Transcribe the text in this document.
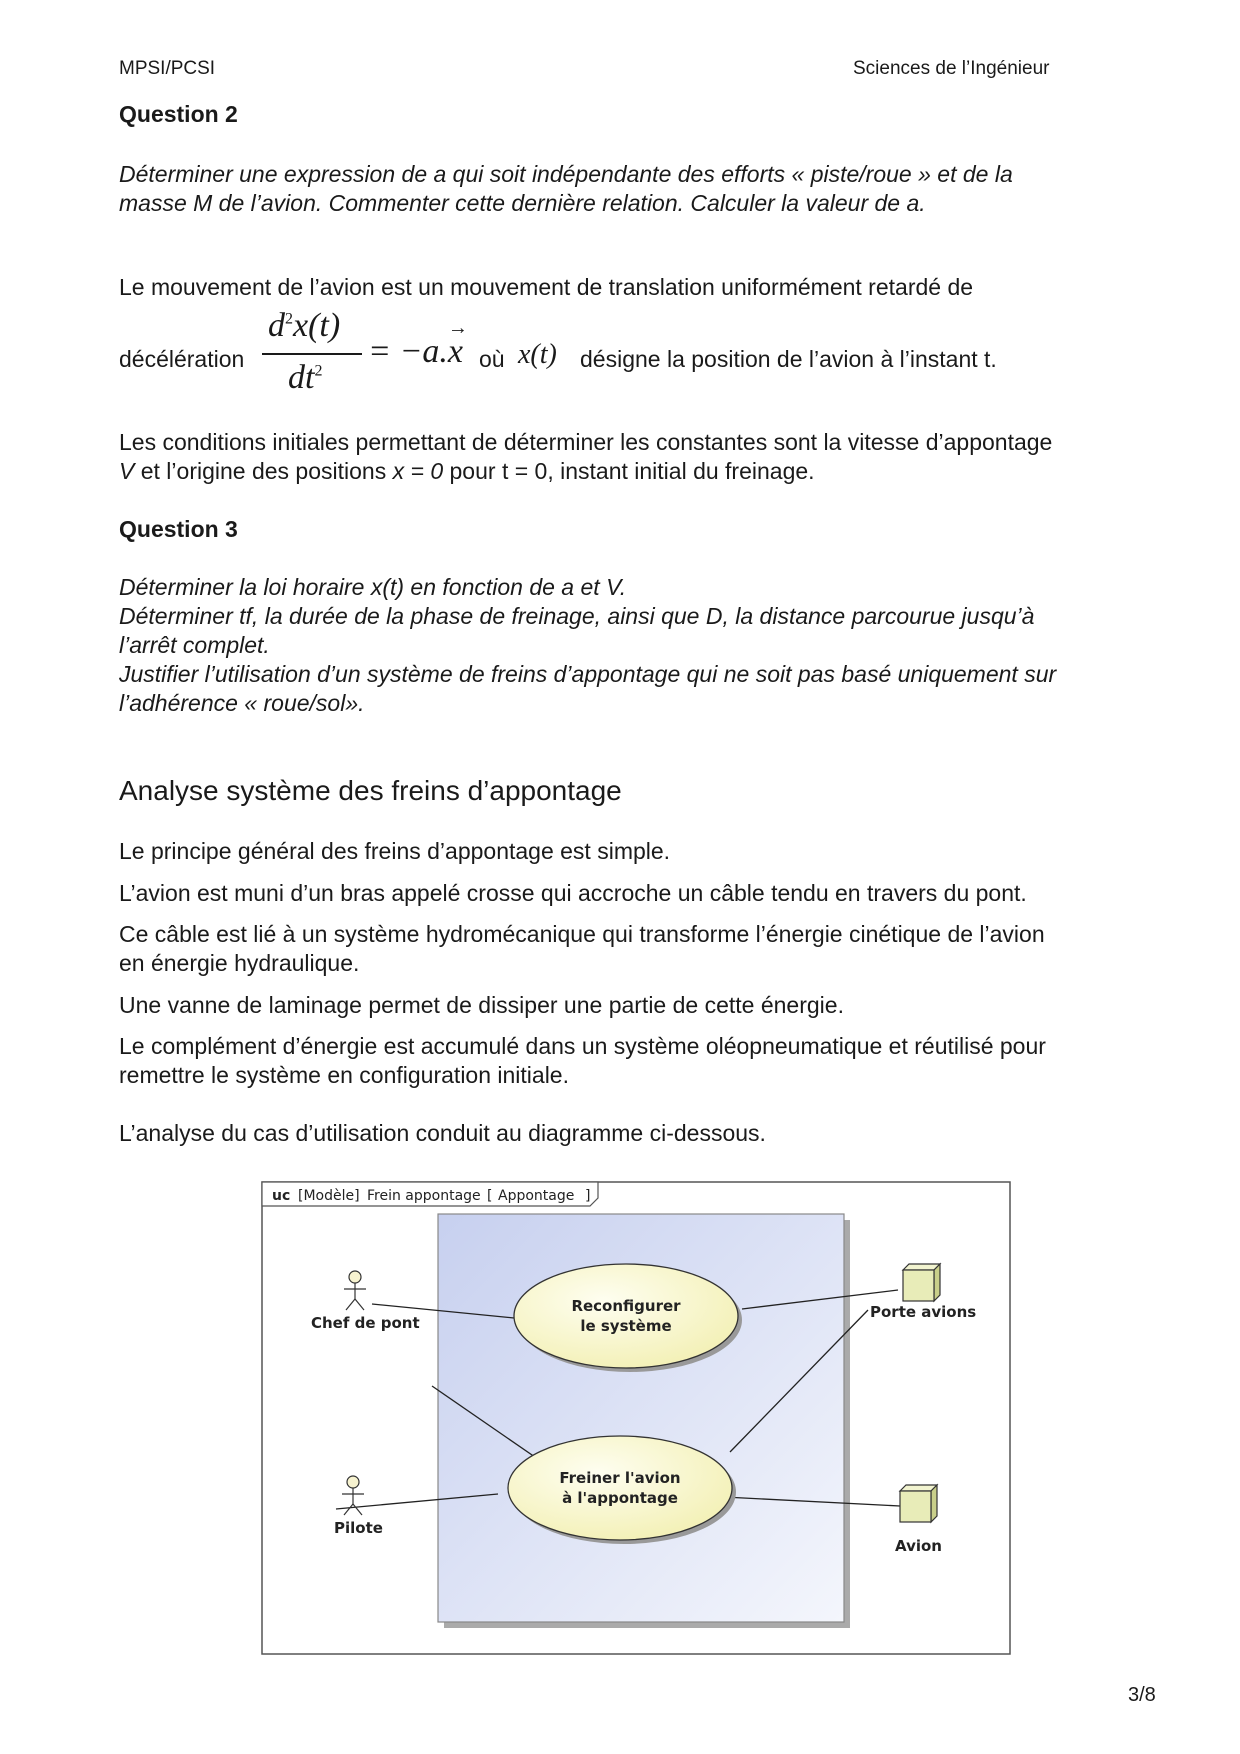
MPSI/PCSI	Sciences de l’Ingénieur
Question 2
Déterminer une expression de a qui soit indépendante des efforts « piste/roue » et de la
masse M de l’avion. Commenter cette dernière relation. Calculer la valeur de a.
Le mouvement de l’avion est un mouvement de translation uniformément retardé de
décélération
$d^2x(t)$
$dt^2$
= −a.
→
x où x(t) désigne la position de l’avion à l’instant t.
Les conditions initiales permettant de déterminer les constantes sont la vitesse d’appontage
V et l’origine des positions x = 0 pour t = 0, instant initial du freinage.
Question 3
Déterminer la loi horaire x(t) en fonction de a et V.
Déterminer tf, la durée de la phase de freinage, ainsi que D, la distance parcourue jusqu’à
l’arrêt complet.
Justifier l’utilisation d’un système de freins d’appontage qui ne soit pas basé uniquement sur
l’adhérence « roue/sol».
Analyse système des freins d’appontage
Le principe général des freins d’appontage est simple.
L’avion est muni d’un bras appelé crosse qui accroche un câble tendu en travers du pont.
Ce câble est lié à un système hydromécanique qui transforme l’énergie cinétique de l’avion
en énergie hydraulique.
Une vanne de laminage permet de dissiper une partie de cette énergie.
Le complément d’énergie est accumulé dans un système oléopneumatique et réutilisé pour
remettre le système en configuration initiale.
L’analyse du cas d’utilisation conduit au diagramme ci-dessous.
uc [Modèle] Frein appontage [ Appontage ]
Reconfigurer
le système
Freiner l'avion
à l'appontage
Chef de pont
Pilote
Porte avions
Avion
3/8
